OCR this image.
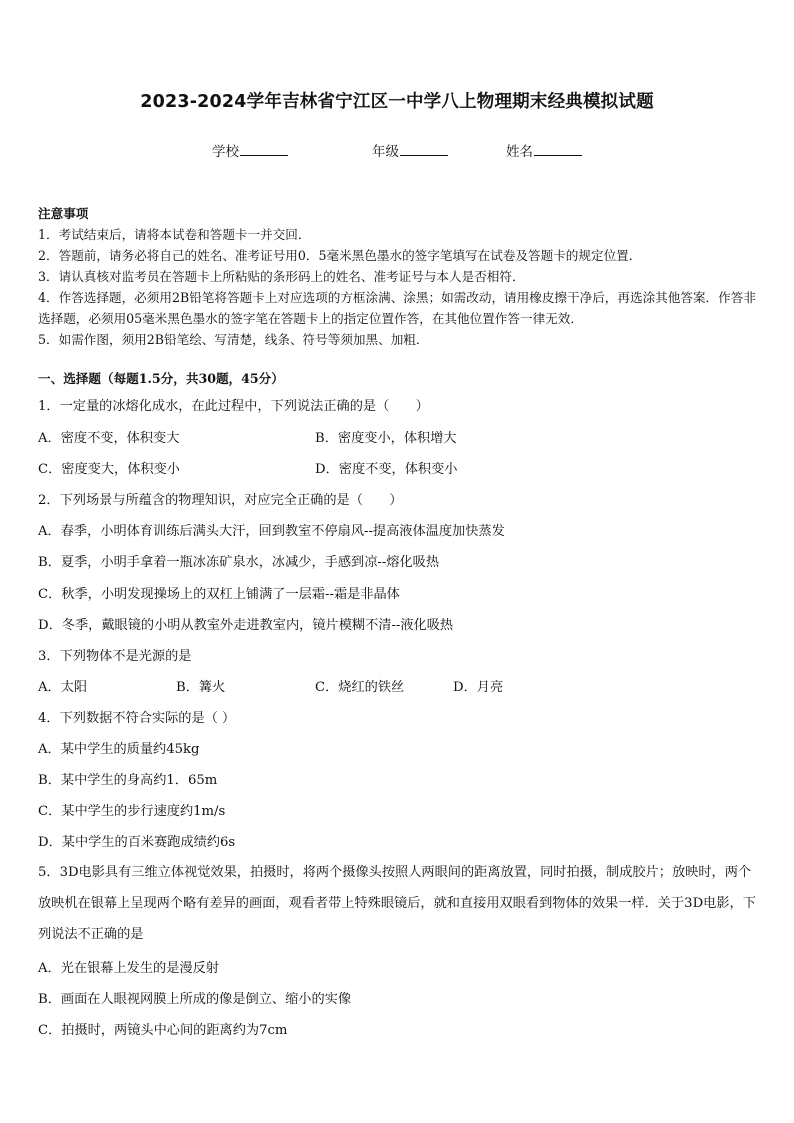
2023-2024学年吉林省宁江区一中学八上物理期末经典模拟试题
学校	年级	姓名

注意事项

1．考试结束后，请将本试卷和答题卡一并交回．

2．答题前，请务必将自己的姓名、准考证号用0．5毫米黑色墨水的签字笔填写在试卷及答题卡的规定位置．

3．请认真核对监考员在答题卡上所粘贴的条形码上的姓名、准考证号与本人是否相符．

4．作答选择题，必须用2B铅笔将答题卡上对应选项的方框涂满、涂黑；如需改动，请用橡皮擦干净后，再选涂其他答案．作答非选择题，必须用05毫米黑色墨水的签字笔在答题卡上的指定位置作答，在其他位置作答一律无效．

5．如需作图，须用2B铅笔绘、写清楚，线条、符号等须加黑、加粗．

一、选择题（每题1.5分，共30题，45分）
1．一定量的冰熔化成水，在此过程中，下列说法正确的是（　　）
A．密度不变，体积变大	B．密度变小，体积增大
C．密度变大，体积变小	D．密度不变，体积变小
2．下列场景与所蕴含的物理知识，对应完全正确的是（　　）
A．春季，小明体育训练后满头大汗，回到教室不停扇风--提高液体温度加快蒸发
B．夏季，小明手拿着一瓶冰冻矿泉水，冰减少，手感到凉--熔化吸热
C．秋季，小明发现操场上的双杠上铺满了一层霜--霜是非晶体
D．冬季，戴眼镜的小明从教室外走进教室内，镜片模糊不清--液化吸热
3．下列物体不是光源的是
A．太阳	B．篝火	C．烧红的铁丝	D．月亮
4．下列数据不符合实际的是（ ）
A．某中学生的质量约45kg
B．某中学生的身高约1．65m
C．某中学生的步行速度约1m/s
D．某中学生的百米赛跑成绩约6s
5．3D电影具有三维立体视觉效果，拍摄时，将两个摄像头按照人两眼间的距离放置，同时拍摄，制成胶片；放映时，两个放映机在银幕上呈现两个略有差异的画面，观看者带上特殊眼镜后，就和直接用双眼看到物体的效果一样．关于3D电影，下列说法不正确的是
A．光在银幕上发生的是漫反射
B．画面在人眼视网膜上所成的像是倒立、缩小的实像
C．拍摄时，两镜头中心间的距离约为7cm
